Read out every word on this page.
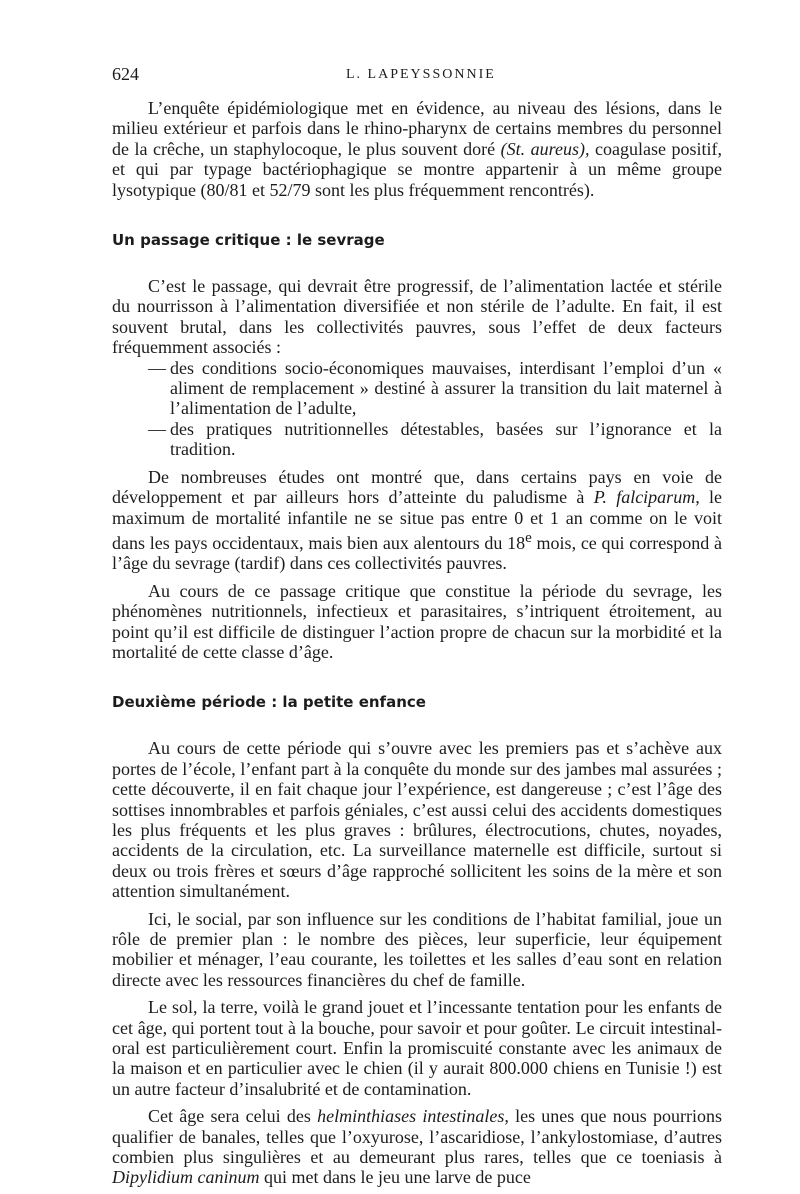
624	L. LAPEYSSONNIE

L’enquête épidémiologique met en évidence, au niveau des lésions, dans le milieu extérieur et parfois dans le rhino-pharynx de certains membres du personnel de la crêche, un staphylocoque, le plus souvent doré (St. aureus), coagulase positif, et qui par typage bactériophagique se montre appartenir à un même groupe lysotypique (80/81 et 52/79 sont les plus fréquemment rencontrés).

Un passage critique : le sevrage

C’est le passage, qui devrait être progressif, de l’alimentation lactée et stérile du nourrisson à l’alimentation diversifiée et non stérile de l’adulte. En fait, il est souvent brutal, dans les collectivités pauvres, sous l’effet de deux facteurs fréquemment associés :

— des conditions socio-économiques mauvaises, interdisant l’emploi d’un « aliment de remplacement » destiné à assurer la transition du lait maternel à l’alimentation de l’adulte,
— des pratiques nutritionnelles détestables, basées sur l’ignorance et la tradition.

De nombreuses études ont montré que, dans certains pays en voie de développement et par ailleurs hors d’atteinte du paludisme à P. falciparum, le maximum de mortalité infantile ne se situe pas entre 0 et 1 an comme on le voit dans les pays occidentaux, mais bien aux alentours du 18e mois, ce qui correspond à l’âge du sevrage (tardif) dans ces collectivités pauvres.

Au cours de ce passage critique que constitue la période du sevrage, les phénomènes nutritionnels, infectieux et parasitaires, s’intriquent étroitement, au point qu’il est difficile de distinguer l’action propre de chacun sur la morbidité et la mortalité de cette classe d’âge.

Deuxième période : la petite enfance

Au cours de cette période qui s’ouvre avec les premiers pas et s’achève aux portes de l’école, l’enfant part à la conquête du monde sur des jambes mal assurées ; cette découverte, il en fait chaque jour l’expérience, est dangereuse ; c’est l’âge des sottises innombrables et parfois géniales, c’est aussi celui des accidents domestiques les plus fréquents et les plus graves : brûlures, électrocutions, chutes, noyades, accidents de la circulation, etc. La surveillance maternelle est difficile, surtout si deux ou trois frères et sœurs d’âge rapproché sollicitent les soins de la mère et son attention simultanément.

Ici, le social, par son influence sur les conditions de l’habitat familial, joue un rôle de premier plan : le nombre des pièces, leur superficie, leur équipement mobilier et ménager, l’eau courante, les toilettes et les salles d’eau sont en relation directe avec les ressources financières du chef de famille.

Le sol, la terre, voilà le grand jouet et l’incessante tentation pour les enfants de cet âge, qui portent tout à la bouche, pour savoir et pour goûter. Le circuit intestinal-oral est particulièrement court. Enfin la promiscuité constante avec les animaux de la maison et en particulier avec le chien (il y aurait 800.000 chiens en Tunisie !) est un autre facteur d’insalubrité et de contamination.

Cet âge sera celui des helminthiases intestinales, les unes que nous pourrions qualifier de banales, telles que l’oxyurose, l’ascaridiose, l’ankylostomiase, d’autres combien plus singulières et au demeurant plus rares, telles que ce toeniasis à Dipylidium caninum qui met dans le jeu une larve de puce
